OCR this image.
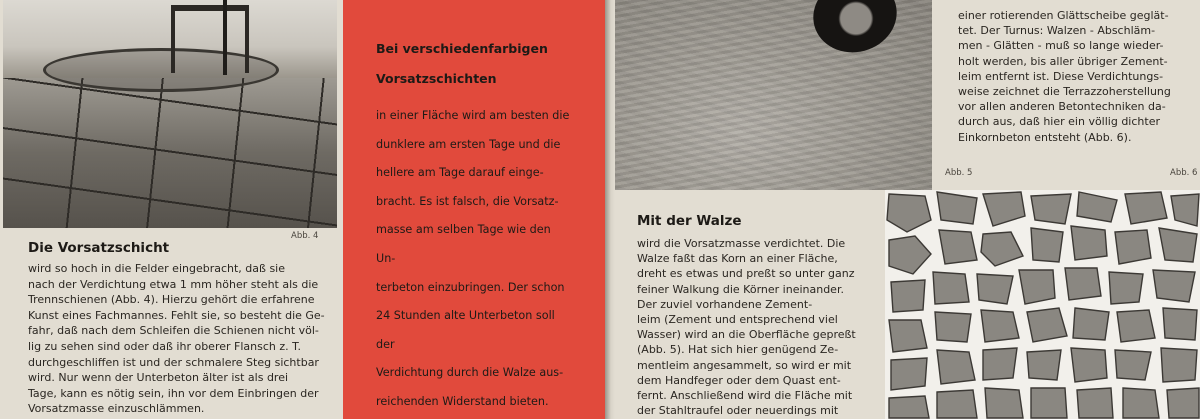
Abb. 4
Die Vorsatzschicht
wird so hoch in die Felder eingebracht, daß sie
nach der Verdichtung etwa 1 mm höher steht als die
Trennschienen (Abb. 4). Hierzu gehört die erfahrene
Kunst eines Fachmannes. Fehlt sie, so besteht die Ge-
fahr, daß nach dem Schleifen die Schienen nicht völ-
lig zu sehen sind oder daß ihr oberer Flansch z. T.
durchgeschliffen ist und der schmalere Steg sichtbar
wird. Nur wenn der Unterbeton älter ist als drei
Tage, kann es nötig sein, ihn vor dem Einbringen der
Vorsatzmasse einzuschlämmen.
Bei verschiedenfarbigen
Vorsatzschichten
in einer Fläche wird am besten die
dunklere am ersten Tage und die
hellere am Tage darauf einge-
bracht. Es ist falsch, die Vorsatz-
masse am selben Tage wie den Un-
terbeton einzubringen. Der schon
24 Stunden alte Unterbeton soll der
Verdichtung durch die Walze aus-
reichenden Widerstand bieten.
einer rotierenden Glättscheibe geglät-
tet. Der Turnus: Walzen - Abschläm-
men - Glätten - muß so lange wieder-
holt werden, bis aller übriger Zement-
leim entfernt ist. Diese Verdichtungs-
weise zeichnet die Terrazzoherstellung
vor allen anderen Betontechniken da-
durch aus, daß hier ein völlig dichter
Einkornbeton entsteht (Abb. 6).
Abb. 5	Abb. 6
Mit der Walze
wird die Vorsatzmasse verdichtet. Die
Walze faßt das Korn an einer Fläche,
dreht es etwas und preßt so unter ganz
feiner Walkung die Körner ineinander.
Der zuviel vorhandene Zement-
leim (Zement und entsprechend viel
Wasser) wird an die Oberfläche gepreßt
(Abb. 5). Hat sich hier genügend Ze-
mentleim angesammelt, so wird er mit
dem Handfeger oder dem Quast ent-
fernt. Anschließend wird die Fläche mit
der Stahltraufel oder neuerdings mit
